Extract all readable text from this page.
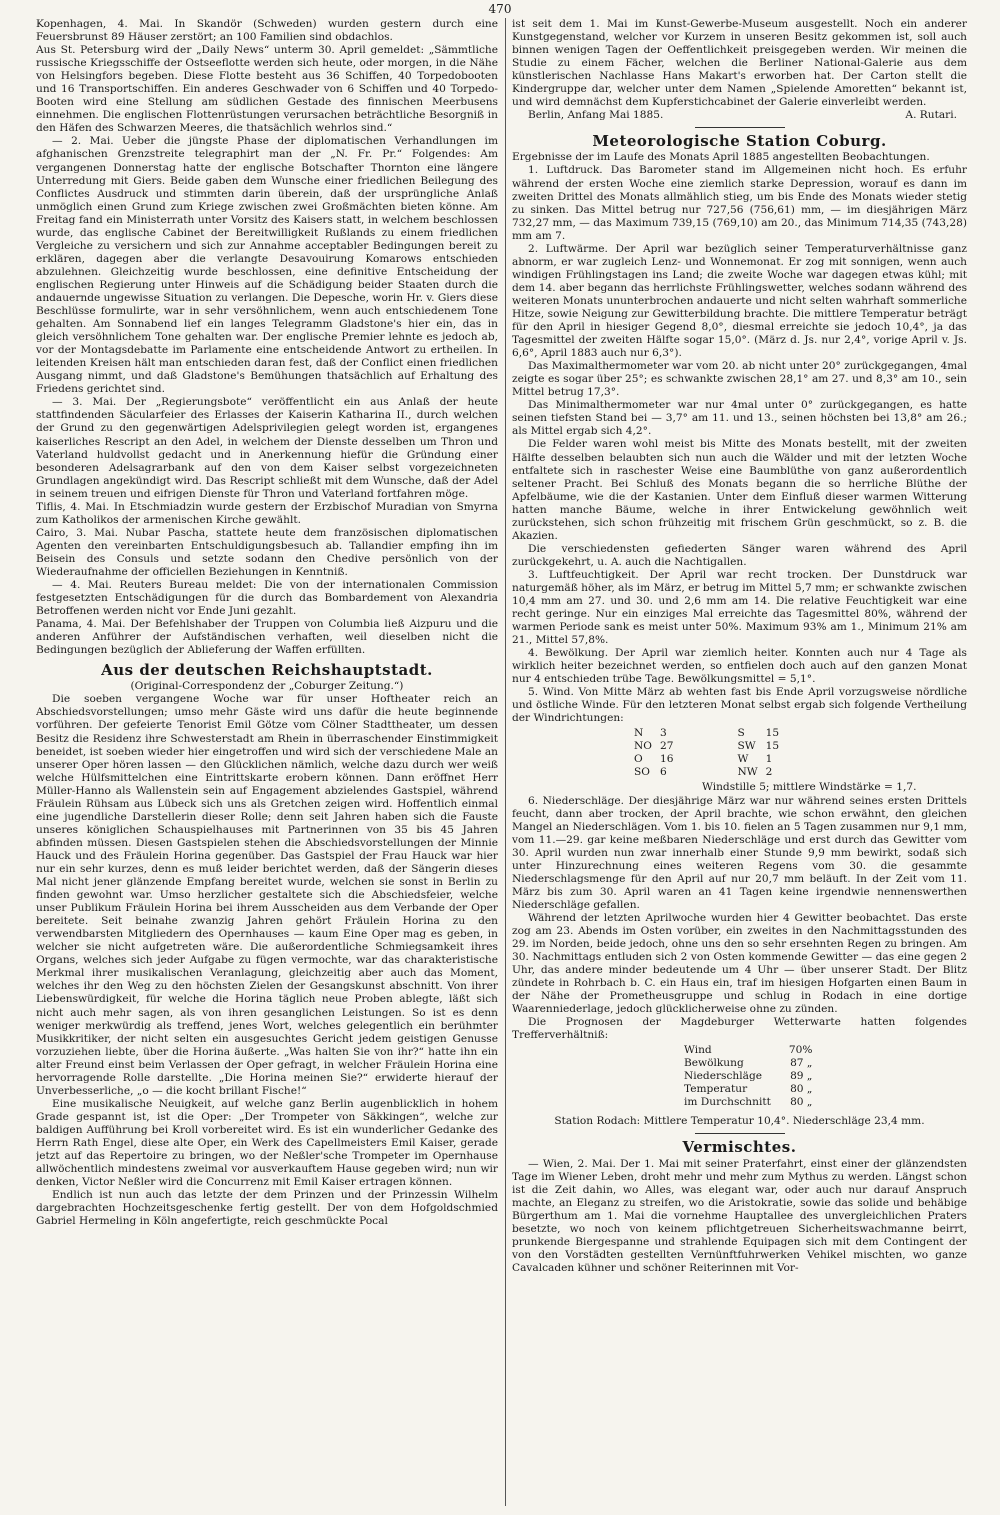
470

Kopenhagen, 4. Mai. In Skandör (Schweden) wurden gestern durch eine Feuersbrunst 89 Häuser zerstört; an 100 Familien sind obdachlos.

Aus St. Petersburg wird der „Daily News“ unterm 30. April gemeldet: „Sämmtliche russische Kriegsschiffe der Ostseeflotte werden sich heute, oder morgen, in die Nähe von Helsingfors begeben. Diese Flotte besteht aus 36 Schiffen, 40 Torpedobooten und 16 Transportschiffen. Ein anderes Geschwader von 6 Schiffen und 40 Torpedo-Booten wird eine Stellung am südlichen Gestade des finnischen Meerbusens einnehmen. Die englischen Flottenrüstungen verursachen beträchtliche Besorgniß in den Häfen des Schwarzen Meeres, die thatsächlich wehrlos sind.“

— 2. Mai. Ueber die jüngste Phase der diplomatischen Verhandlungen im afghanischen Grenzstreite telegraphirt man der „N. Fr. Pr.“ Folgendes: Am vergangenen Donnerstag hatte der englische Botschafter Thornton eine längere Unterredung mit Giers. Beide gaben dem Wunsche einer friedlichen Beilegung des Conflictes Ausdruck und stimmten darin überein, daß der ursprüngliche Anlaß unmöglich einen Grund zum Kriege zwischen zwei Großmächten bieten könne. Am Freitag fand ein Ministerrath unter Vorsitz des Kaisers statt, in welchem beschlossen wurde, das englische Cabinet der Bereitwilligkeit Rußlands zu einem friedlichen Vergleiche zu versichern und sich zur Annahme acceptabler Bedingungen bereit zu erklären, dagegen aber die verlangte Desavouirung Komarows entschieden abzulehnen. Gleichzeitig wurde beschlossen, eine definitive Entscheidung der englischen Regierung unter Hinweis auf die Schädigung beider Staaten durch die andauernde ungewisse Situation zu verlangen. Die Depesche, worin Hr. v. Giers diese Beschlüsse formulirte, war in sehr versöhnlichem, wenn auch entschiedenem Tone gehalten. Am Sonnabend lief ein langes Telegramm Gladstone's hier ein, das in gleich versöhnlichem Tone gehalten war. Der englische Premier lehnte es jedoch ab, vor der Montagsdebatte im Parlamente eine entscheidende Antwort zu ertheilen. In leitenden Kreisen hält man entschieden daran fest, daß der Conflict einen friedlichen Ausgang nimmt, und daß Gladstone's Bemühungen thatsächlich auf Erhaltung des Friedens gerichtet sind.

— 3. Mai. Der „Regierungsbote“ veröffentlicht ein aus Anlaß der heute stattfindenden Säcularfeier des Erlasses der Kaiserin Katharina II., durch welchen der Grund zu den gegenwärtigen Adelsprivilegien gelegt worden ist, ergangenes kaiserliches Rescript an den Adel, in welchem der Dienste desselben um Thron und Vaterland huldvollst gedacht und in Anerkennung hiefür die Gründung einer besonderen Adelsagrarbank auf den von dem Kaiser selbst vorgezeichneten Grundlagen angekündigt wird. Das Rescript schließt mit dem Wunsche, daß der Adel in seinem treuen und eifrigen Dienste für Thron und Vaterland fortfahren möge.

Tiflis, 4. Mai. In Etschmiadzin wurde gestern der Erzbischof Muradian von Smyrna zum Katholikos der armenischen Kirche gewählt.

Cairo, 3. Mai. Nubar Pascha, stattete heute dem französischen diplomatischen Agenten den vereinbarten Entschuldigungsbesuch ab. Tallandier empfing ihn im Beisein des Consuls und setzte sodann den Chedive persönlich von der Wiederaufnahme der officiellen Beziehungen in Kenntniß.

— 4. Mai. Reuters Bureau meldet: Die von der internationalen Commission festgesetzten Entschädigungen für die durch das Bombardement von Alexandria Betroffenen werden nicht vor Ende Juni gezahlt.

Panama, 4. Mai. Der Befehlshaber der Truppen von Columbia ließ Aizpuru und die anderen Anführer der Aufständischen verhaften, weil dieselben nicht die Bedingungen bezüglich der Ablieferung der Waffen erfüllten.

Aus der deutschen Reichshauptstadt.

(Original-Correspondenz der „Coburger Zeitung.“)

Die soeben vergangene Woche war für unser Hoftheater reich an Abschiedsvorstellungen; umso mehr Gäste wird uns dafür die heute beginnende vorführen. Der gefeierte Tenorist Emil Götze vom Cölner Stadttheater, um dessen Besitz die Residenz ihre Schwesterstadt am Rhein in überraschender Einstimmigkeit beneidet, ist soeben wieder hier eingetroffen und wird sich der verschiedene Male an unserer Oper hören lassen — den Glücklichen nämlich, welche dazu durch wer weiß welche Hülfsmittelchen eine Eintrittskarte erobern können. Dann eröffnet Herr Müller-Hanno als Wallenstein sein auf Engagement abzielendes Gastspiel, während Fräulein Rühsam aus Lübeck sich uns als Gretchen zeigen wird. Hoffentlich einmal eine jugendliche Darstellerin dieser Rolle; denn seit Jahren haben sich die Fauste unseres königlichen Schauspielhauses mit Partnerinnen von 35 bis 45 Jahren abfinden müssen. Diesen Gastspielen stehen die Abschiedsvorstellungen der Minnie Hauck und des Fräulein Horina gegenüber. Das Gastspiel der Frau Hauck war hier nur ein sehr kurzes, denn es muß leider berichtet werden, daß der Sängerin dieses Mal nicht jener glänzende Empfang bereitet wurde, welchen sie sonst in Berlin zu finden gewohnt war. Umso herzlicher gestaltete sich die Abschiedsfeier, welche unser Publikum Fräulein Horina bei ihrem Ausscheiden aus dem Verbande der Oper bereitete. Seit beinahe zwanzig Jahren gehört Fräulein Horina zu den verwendbarsten Mitgliedern des Opernhauses — kaum Eine Oper mag es geben, in welcher sie nicht aufgetreten wäre. Die außerordentliche Schmiegsamkeit ihres Organs, welches sich jeder Aufgabe zu fügen vermochte, war das charakteristische Merkmal ihrer musikalischen Veranlagung, gleichzeitig aber auch das Moment, welches ihr den Weg zu den höchsten Zielen der Gesangskunst abschnitt. Von ihrer Liebenswürdigkeit, für welche die Horina täglich neue Proben ablegte, läßt sich nicht auch mehr sagen, als von ihren gesanglichen Leistungen. So ist es denn weniger merkwürdig als treffend, jenes Wort, welches gelegentlich ein berühmter Musikkritiker, der nicht selten ein ausgesuchtes Gericht jedem geistigen Genusse vorzuziehen liebte, über die Horina äußerte. „Was halten Sie von ihr?“ hatte ihn ein alter Freund einst beim Verlassen der Oper gefragt, in welcher Fräulein Horina eine hervorragende Rolle darstellte. „Die Horina meinen Sie?“ erwiderte hierauf der Unverbesserliche, „o — die kocht brillant Fische!“

Eine musikalische Neuigkeit, auf welche ganz Berlin augenblicklich in hohem Grade gespannt ist, ist die Oper: „Der Trompeter von Säkkingen“, welche zur baldigen Aufführung bei Kroll vorbereitet wird. Es ist ein wunderlicher Gedanke des Herrn Rath Engel, diese alte Oper, ein Werk des Capellmeisters Emil Kaiser, gerade jetzt auf das Repertoire zu bringen, wo der Neßler'sche Trompeter im Opernhause allwöchentlich mindestens zweimal vor ausverkauftem Hause gegeben wird; nun wir denken, Victor Neßler wird die Concurrenz mit Emil Kaiser ertragen können.

Endlich ist nun auch das letzte der dem Prinzen und der Prinzessin Wilhelm dargebrachten Hochzeitsgeschenke fertig gestellt. Der von dem Hofgoldschmied Gabriel Hermeling in Köln angefertigte, reich geschmückte Pocal

ist seit dem 1. Mai im Kunst-Gewerbe-Museum ausgestellt. Noch ein anderer Kunstgegenstand, welcher vor Kurzem in unseren Besitz gekommen ist, soll auch binnen wenigen Tagen der Oeffentlichkeit preisgegeben werden. Wir meinen die Studie zu einem Fächer, welchen die Berliner National-Galerie aus dem künstlerischen Nachlasse Hans Makart's erworben hat. Der Carton stellt die Kindergruppe dar, welcher unter dem Namen „Spielende Amoretten“ bekannt ist, und wird demnächst dem Kupferstichcabinet der Galerie einverleibt werden.

Berlin, Anfang Mai 1885.	A. Rutari.
Meteorologische Station Coburg.

Ergebnisse der im Laufe des Monats April 1885 angestellten Beobachtungen.

1. Luftdruck. Das Barometer stand im Allgemeinen nicht hoch. Es erfuhr während der ersten Woche eine ziemlich starke Depression, worauf es dann im zweiten Drittel des Monats allmählich stieg, um bis Ende des Monats wieder stetig zu sinken. Das Mittel betrug nur 727,56 (756,61) mm, — im diesjährigen März 732,27 mm, — das Maximum 739,15 (769,10) am 20., das Minimum 714,35 (743,28) mm am 7.

2. Luftwärme. Der April war bezüglich seiner Temperaturverhältnisse ganz abnorm, er war zugleich Lenz- und Wonnemonat. Er zog mit sonnigen, wenn auch windigen Frühlingstagen ins Land; die zweite Woche war dagegen etwas kühl; mit dem 14. aber begann das herrlichste Frühlingswetter, welches sodann während des weiteren Monats ununterbrochen andauerte und nicht selten wahrhaft sommerliche Hitze, sowie Neigung zur Gewitterbildung brachte. Die mittlere Temperatur beträgt für den April in hiesiger Gegend 8,0°, diesmal erreichte sie jedoch 10,4°, ja das Tagesmittel der zweiten Hälfte sogar 15,0°. (März d. Js. nur 2,4°, vorige April v. Js. 6,6°, April 1883 auch nur 6,3°).

Das Maximalthermometer war vom 20. ab nicht unter 20° zurückgegangen, 4mal zeigte es sogar über 25°; es schwankte zwischen 28,1° am 27. und 8,3° am 10., sein Mittel betrug 17,3°.

Das Minimalthermometer war nur 4mal unter 0° zurückgegangen, es hatte seinen tiefsten Stand bei — 3,7° am 11. und 13., seinen höchsten bei 13,8° am 26.; als Mittel ergab sich 4,2°.

Die Felder waren wohl meist bis Mitte des Monats bestellt, mit der zweiten Hälfte desselben belaubten sich nun auch die Wälder und mit der letzten Woche entfaltete sich in raschester Weise eine Baumblüthe von ganz außerordentlich seltener Pracht. Bei Schluß des Monats begann die so herrliche Blüthe der Apfelbäume, wie die der Kastanien. Unter dem Einfluß dieser warmen Witterung hatten manche Bäume, welche in ihrer Entwickelung gewöhnlich weit zurückstehen, sich schon frühzeitig mit frischem Grün geschmückt, so z. B. die Akazien.

Die verschiedensten gefiederten Sänger waren während des April zurückgekehrt, u. A. auch die Nachtigallen.

3. Luftfeuchtigkeit. Der April war recht trocken. Der Dunstdruck war naturgemäß höher, als im März, er betrug im Mittel 5,7 mm; er schwankte zwischen 10,4 mm am 27. und 30. und 2,6 mm am 14. Die relative Feuchtigkeit war eine recht geringe. Nur ein einziges Mal erreichte das Tagesmittel 80%, während der warmen Periode sank es meist unter 50%. Maximum 93% am 1., Minimum 21% am 21., Mittel 57,8%.

4. Bewölkung. Der April war ziemlich heiter. Konnten auch nur 4 Tage als wirklich heiter bezeichnet werden, so entfielen doch auch auf den ganzen Monat nur 4 entschieden trübe Tage. Bewölkungsmittel = 5,1°.

5. Wind. Von Mitte März ab wehten fast bis Ende April vorzugsweise nördliche und östliche Winde. Für den letzteren Monat selbst ergab sich folgende Vertheilung der Windrichtungen:

N	3	S	15
NO	27	SW	15
O	16	W	1
SO	6	NW	2

Windstille 5; mittlere Windstärke = 1,7.

6. Niederschläge. Der diesjährige März war nur während seines ersten Drittels feucht, dann aber trocken, der April brachte, wie schon erwähnt, den gleichen Mangel an Niederschlägen. Vom 1. bis 10. fielen an 5 Tagen zusammen nur 9,1 mm, vom 11.—29. gar keine meßbaren Niederschläge und erst durch das Gewitter vom 30. April wurden nun zwar innerhalb einer Stunde 9,9 mm bewirkt, sodaß sich unter Hinzurechnung eines weiteren Regens vom 30. die gesammte Niederschlagsmenge für den April auf nur 20,7 mm beläuft. In der Zeit vom 11. März bis zum 30. April waren an 41 Tagen keine irgendwie nennenswerthen Niederschläge gefallen.

Während der letzten Aprilwoche wurden hier 4 Gewitter beobachtet. Das erste zog am 23. Abends im Osten vorüber, ein zweites in den Nachmittagsstunden des 29. im Norden, beide jedoch, ohne uns den so sehr ersehnten Regen zu bringen. Am 30. Nachmittags entluden sich 2 von Osten kommende Gewitter — das eine gegen 2 Uhr, das andere minder bedeutende um 4 Uhr — über unserer Stadt. Der Blitz zündete in Rohrbach b. C. ein Haus ein, traf im hiesigen Hofgarten einen Baum in der Nähe der Prometheusgruppe und schlug in Rodach in eine dortige Waarenniederlage, jedoch glücklicherweise ohne zu zünden.

Die Prognosen der Magdeburger Wetterwarte hatten folgendes Trefferverhältniß:

Wind	70%
Bewölkung	87 „
Niederschläge	89 „
Temperatur	80 „
im Durchschnitt	80 „

Station Rodach: Mittlere Temperatur 10,4°. Niederschläge 23,4 mm.

Vermischtes.

— Wien, 2. Mai. Der 1. Mai mit seiner Praterfahrt, einst einer der glänzendsten Tage im Wiener Leben, droht mehr und mehr zum Mythus zu werden. Längst schon ist die Zeit dahin, wo Alles, was elegant war, oder auch nur darauf Anspruch machte, an Eleganz zu streifen, wo die Aristokratie, sowie das solide und behäbige Bürgerthum am 1. Mai die vornehme Hauptallee des unvergleichlichen Praters besetzte, wo noch von keinem pflichtgetreuen Sicherheitswachmanne beirrt, prunkende Biergespanne und strahlende Equipagen sich mit dem Contingent der von den Vorstädten gestellten Vernünftfuhrwerken Vehikel mischten, wo ganze Cavalcaden kühner und schöner Reiterinnen mit Vor-
